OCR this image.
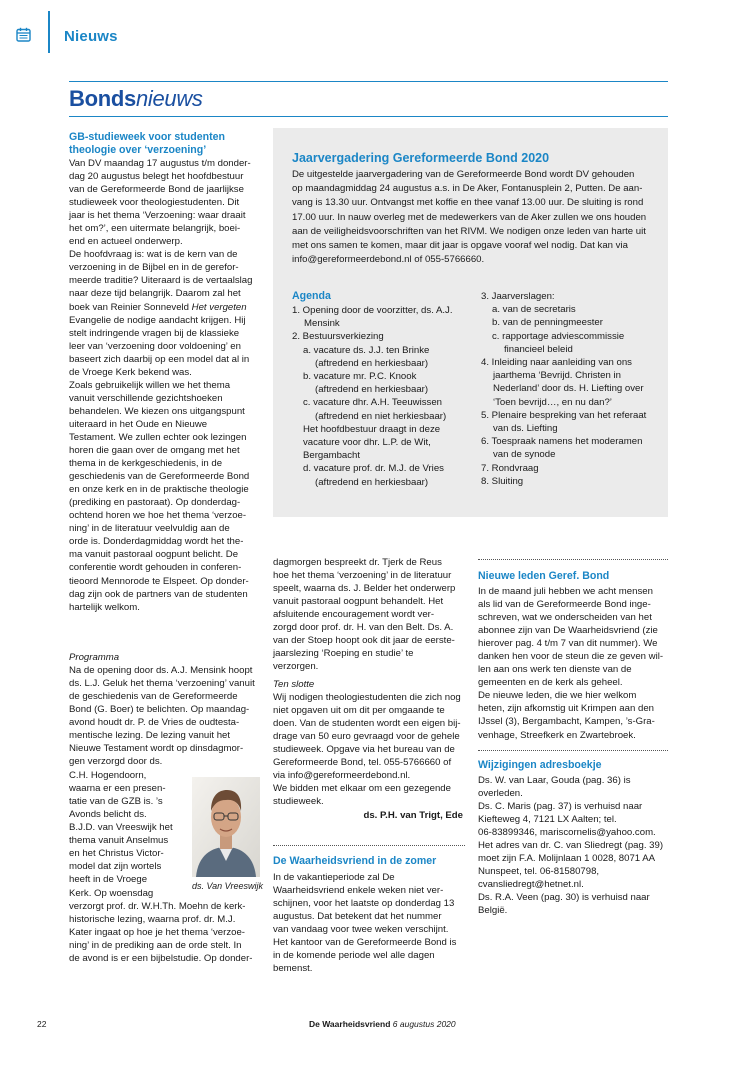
Nieuws
Bondsnieuws
GB-studieweek voor studenten theologie over ‘verzoening’
Van DV maandag 17 augustus t/m donder-
dag 20 augustus belegt het hoofdbestuur
van de Gereformeerde Bond de jaarlijkse
studieweek voor theologiestudenten. Dit
jaar is het thema ‘Verzoening: waar draait
het om?’, een uitermate belangrijk, boei-
end en actueel onderwerp.
De hoofdvraag is: wat is de kern van de
verzoening in de Bijbel en in de gerefor-
meerde traditie? Uiteraard is de vertaalslag
naar deze tijd belangrijk. Daarom zal het
boek van Reinier Sonneveld Het vergeten
Evangelie de nodige aandacht krijgen. Hij
stelt indringende vragen bij de klassieke
leer van ‘verzoening door voldoening’ en
baseert zich daarbij op een model dat al in
de Vroege Kerk bekend was.
Zoals gebruikelijk willen we het thema
vanuit verschillende gezichtshoeken
behandelen. We kiezen ons uitgangspunt
uiteraard in het Oude en Nieuwe
Testament. We zullen echter ook lezingen
horen die gaan over de omgang met het
thema in de kerkgeschiedenis, in de
geschiedenis van de Gereformeerde Bond
en onze kerk en in de praktische theologie
(prediking en pastoraat). Op donderdag-
ochtend horen we hoe het thema ‘verzoe-
ning’ in de literatuur veelvuldig aan de
orde is. Donderdagmiddag wordt het the-
ma vanuit pastoraal oogpunt belicht. De
conferentie wordt gehouden in conferen-
tieoord Mennorode te Elspeet. Op donder-
dag zijn ook de partners van de studenten
hartelijk welkom.
Programma
Na de opening door ds. A.J. Mensink hoopt
ds. L.J. Geluk het thema ‘verzoening’ vanuit
de geschiedenis van de Gereformeerde
Bond (G. Boer) te belichten. Op maandag-
avond houdt dr. P. de Vries de oudtesta-
mentische lezing. De lezing vanuit het
Nieuwe Testament wordt op dinsdagmor-
gen verzorgd door ds.
C.H. Hogendoorn,
waarna er een presen-
tatie van de GZB is. ’s
Avonds belicht ds.
B.J.D. van Vreeswijk het
thema vanuit Anselmus
en het Christus Victor-
model dat zijn wortels
heeft in de Vroege
ds. Van Vreeswijk
Kerk. Op woensdag
verzorgt prof. dr. W.H.Th. Moehn de kerk-
historische lezing, waarna prof. dr. M.J.
Kater ingaat op hoe je het thema ‘verzoe-
ning’ in de prediking aan de orde stelt. In
de avond is er een bijbelstudie. Op donder-
Jaarvergadering Gereformeerde Bond 2020
De uitgestelde jaarvergadering van de Gereformeerde Bond wordt DV gehouden
op maandagmiddag 24 augustus a.s. in De Aker, Fontanusplein 2, Putten. De aan-
vang is 13.30 uur. Ontvangst met koffie en thee vanaf 13.00 uur. De sluiting is rond
17.00 uur. In nauw overleg met de medewerkers van de Aker zullen we ons houden
aan de veiligheidsvoorschriften van het RIVM. We nodigen onze leden van harte uit
met ons samen te komen, maar dit jaar is opgave vooraf wel nodig. Dat kan via
info@gereformeerdebond.nl of 055-5766660.
Agenda
1. Opening door de voorzitter, ds. A.J.
Mensink
2. Bestuursverkiezing
a. vacature ds. J.J. ten Brinke
(aftredend en herkiesbaar)
b. vacature mr. P.C. Knook
(aftredend en herkiesbaar)
c. vacature dhr. A.H. Teeuwissen
(aftredend en niet herkiesbaar)
Het hoofdbestuur draagt in deze
vacature voor dhr. L.P. de Wit,
Bergambacht
d. vacature prof. dr. M.J. de Vries
(aftredend en herkiesbaar)
3. Jaarverslagen:
a. van de secretaris
b. van de penningmeester
c. rapportage adviescommissie
financieel beleid
4. Inleiding naar aanleiding van ons
jaarthema ‘Bevrijd. Christen in
Nederland’ door ds. H. Liefting over
‘Toen bevrijd…, en nu dan?’
5. Plenaire bespreking van het referaat
van ds. Liefting
6. Toespraak namens het moderamen
van de synode
7. Rondvraag
8. Sluiting
dagmorgen bespreekt dr. Tjerk de Reus
hoe het thema ‘verzoening’ in de literatuur
speelt, waarna ds. J. Belder het onderwerp
vanuit pastoraal oogpunt behandelt. Het
afsluitende encouragement wordt ver-
zorgd door prof. dr. H. van den Belt. Ds. A.
van der Stoep hoopt ook dit jaar de eerste-
jaarslezing ‘Roeping en studie’ te
verzorgen.
Ten slotte
Wij nodigen theologiestudenten die zich nog
niet opgaven uit om dit per omgaande te
doen. Van de studenten wordt een eigen bij-
drage van 50 euro gevraagd voor de gehele
studieweek. Opgave via het bureau van de
Gereformeerde Bond, tel. 055-5766660 of
via info@gereformeerdebond.nl.
We bidden met elkaar om een gezegende
studieweek.
ds. P.H. van Trigt, Ede
De Waarheidsvriend in de zomer
In de vakantieperiode zal De
Waarheidsvriend enkele weken niet ver-
schijnen, voor het laatste op donderdag 13
augustus. Dat betekent dat het nummer
van vandaag voor twee weken verschijnt.
Het kantoor van de Gereformeerde Bond is
in de komende periode wel alle dagen
bemenst.
Nieuwe leden Geref. Bond
In de maand juli hebben we acht mensen
als lid van de Gereformeerde Bond inge-
schreven, wat we onderscheiden van het
abonnee zijn van De Waarheidsvriend (zie
hierover pag. 4 t/m 7 van dit nummer). We
danken hen voor de steun die ze geven wil-
len aan ons werk ten dienste van de
gemeenten en de kerk als geheel.
De nieuwe leden, die we hier welkom
heten, zijn afkomstig uit Krimpen aan den
IJssel (3), Bergambacht, Kampen, ’s-Gra-
venhage, Streefkerk en Zwartebroek.
Wijzigingen adresboekje
Ds. W. van Laar, Gouda (pag. 36) is
overleden.
Ds. C. Maris (pag. 37) is verhuisd naar
Kiefteweg 4, 7121 LX Aalten; tel.
06-83899346, mariscornelis@yahoo.com.
Het adres van dr. C. van Sliedregt (pag. 39)
moet zijn F.A. Molijnlaan 1 0028, 8071 AA
Nunspeet, tel. 06-81580798,
cvansliedregt@hetnet.nl.
Ds. R.A. Veen (pag. 30) is verhuisd naar
België.
22	De Waarheidsvriend 6 augustus 2020
